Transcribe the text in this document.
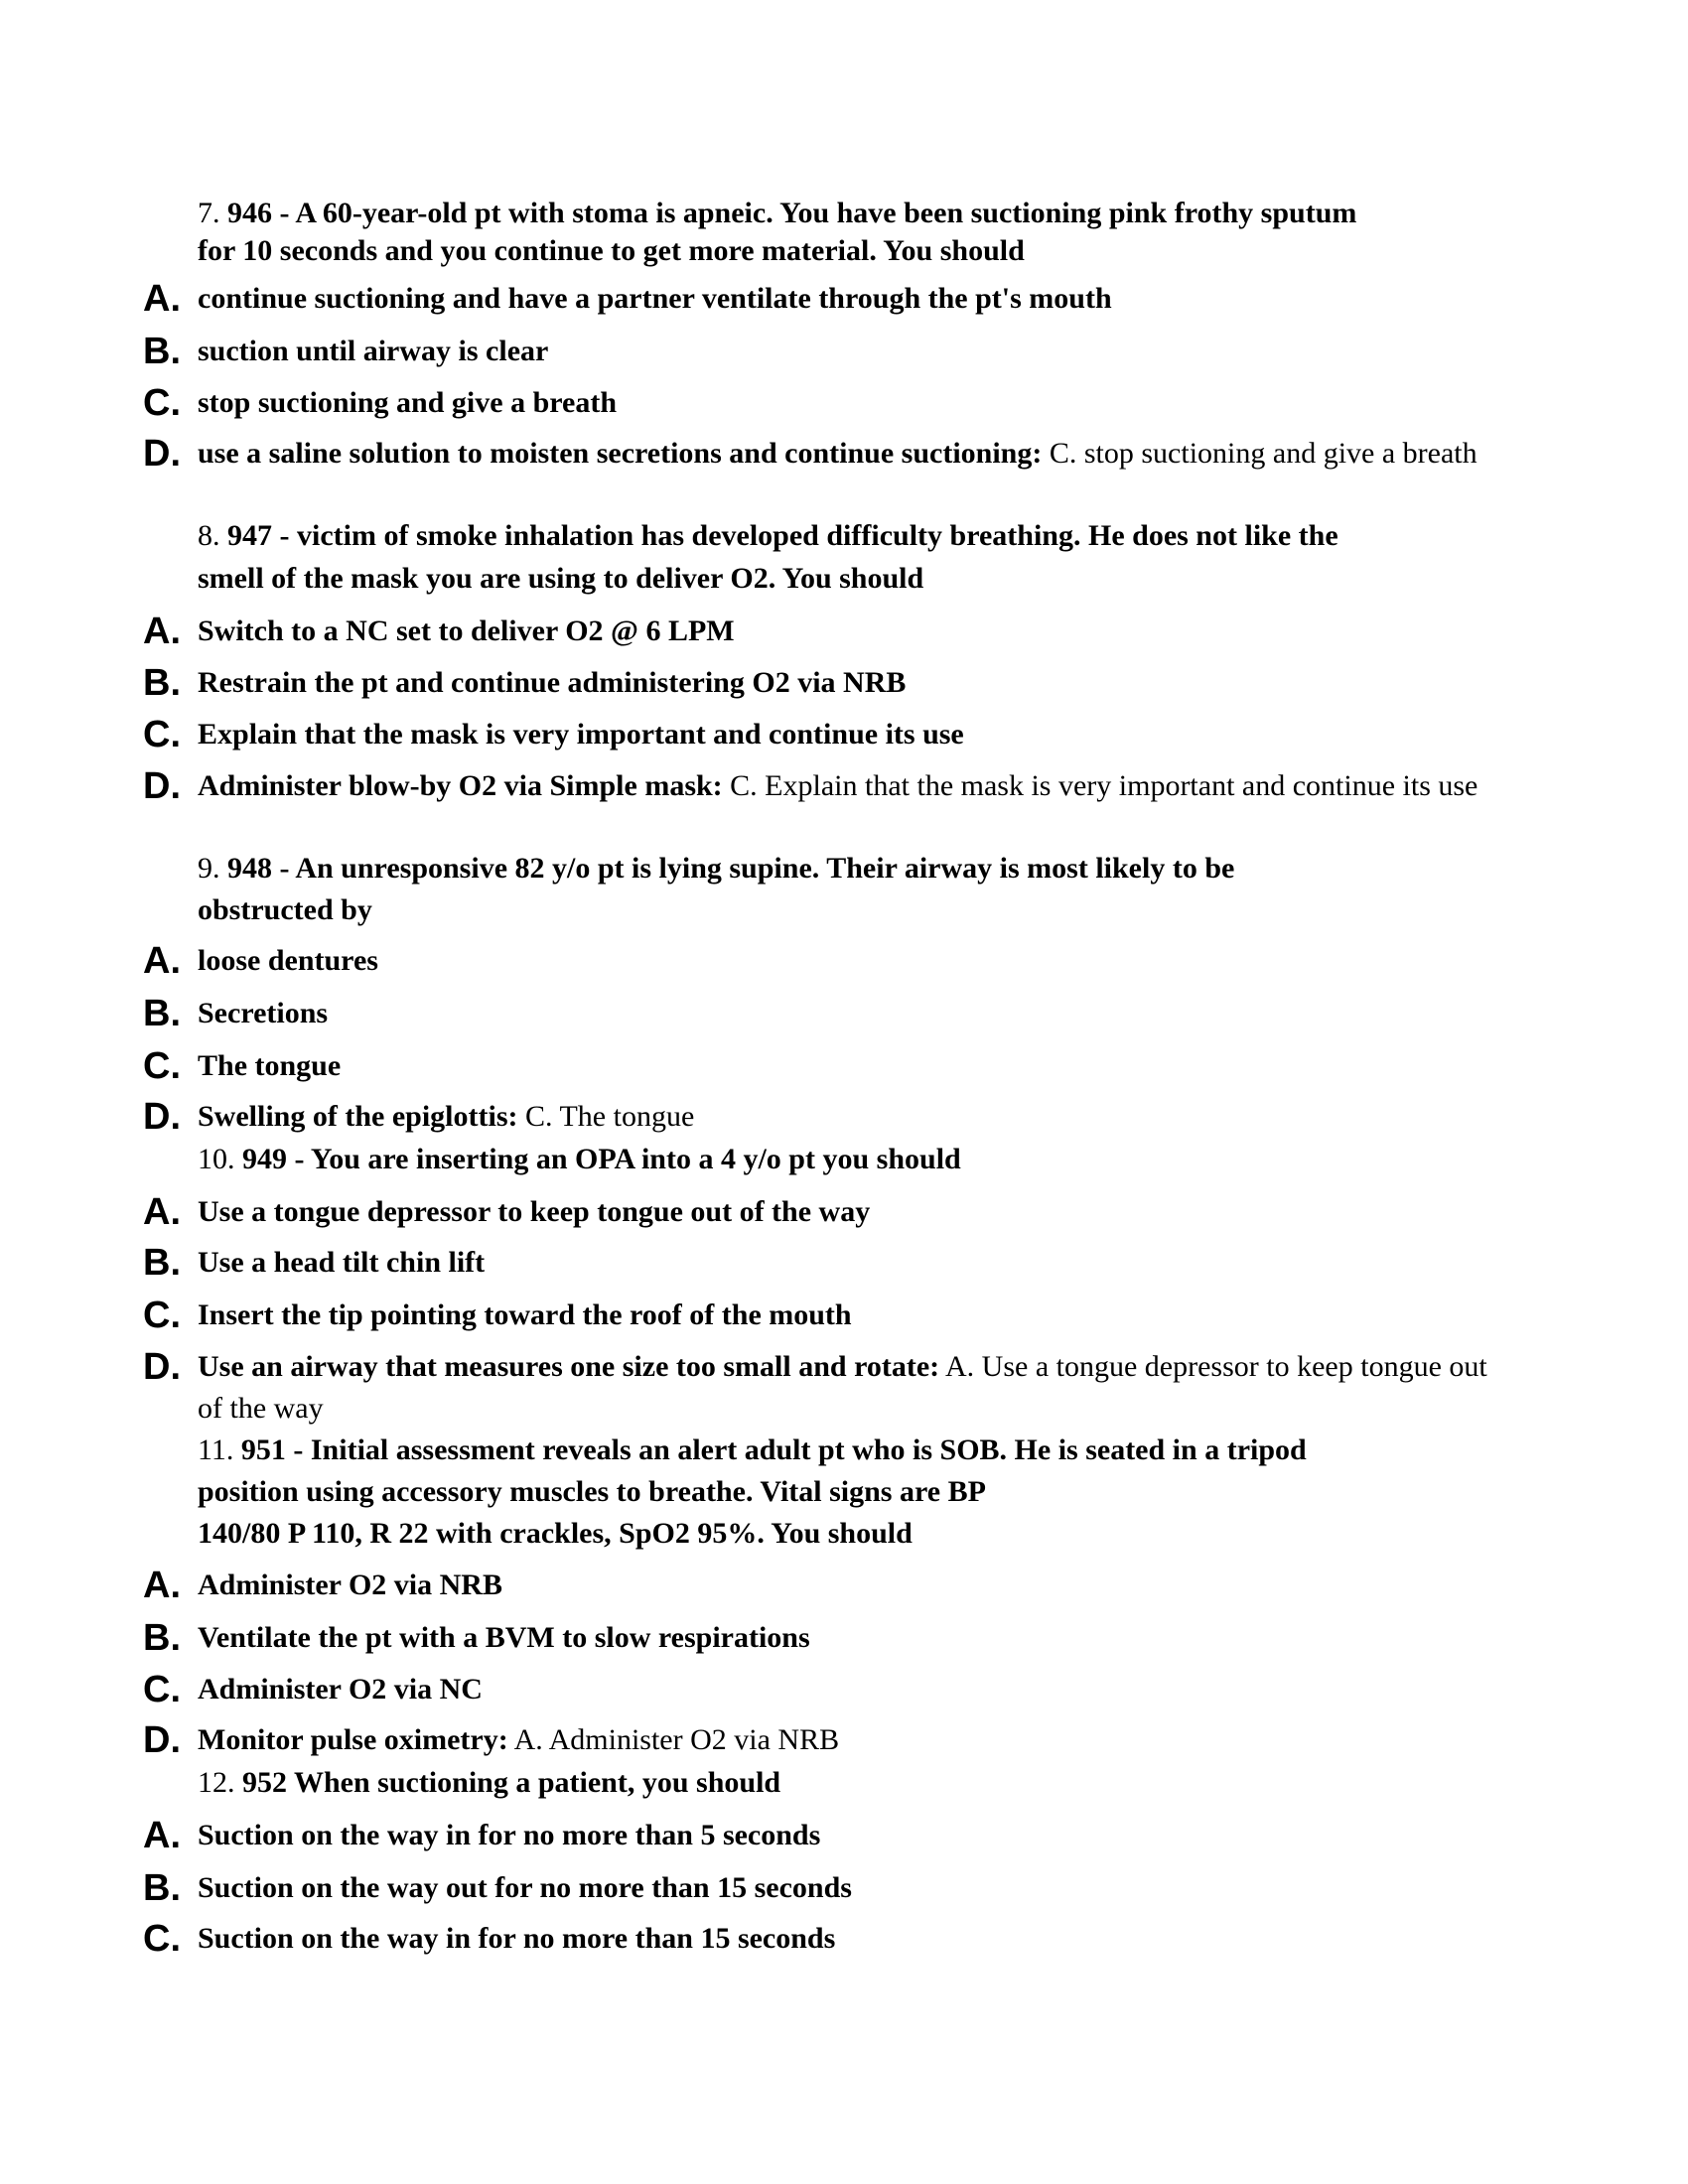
7. 946 - A 60-year-old pt with stoma is apneic. You have been suctioning pink frothy sputum
for 10 seconds and you continue to get more material. You should
A. continue suctioning and have a partner ventilate through the pt's mouth
B. suction until airway is clear
C. stop suctioning and give a breath
D. use a saline solution to moisten secretions and continue suctioning: C. stop suctioning and give a breath
8. 947 - victim of smoke inhalation has developed difficulty breathing. He does not like the
smell of the mask you are using to deliver O2. You should
A. Switch to a NC set to deliver O2 @ 6 LPM
B. Restrain the pt and continue administering O2 via NRB
C. Explain that the mask is very important and continue its use
D. Administer blow-by O2 via Simple mask: C. Explain that the mask is very important and continue its use
9. 948 - An unresponsive 82 y/o pt is lying supine. Their airway is most likely to be
obstructed by
A. loose dentures
B. Secretions
C. The tongue
D. Swelling of the epiglottis: C. The tongue
10. 949 - You are inserting an OPA into a 4 y/o pt you should
A. Use a tongue depressor to keep tongue out of the way
B. Use a head tilt chin lift
C. Insert the tip pointing toward the roof of the mouth
D. Use an airway that measures one size too small and rotate: A. Use a tongue depressor to keep tongue out of the way
11. 951 - Initial assessment reveals an alert adult pt who is SOB. He is seated in a tripod
position using accessory muscles to breathe. Vital signs are BP
140/80 P 110, R 22 with crackles, SpO2 95%. You should
A. Administer O2 via NRB
B. Ventilate the pt with a BVM to slow respirations
C. Administer O2 via NC
D. Monitor pulse oximetry: A. Administer O2 via NRB
12. 952 When suctioning a patient, you should
A. Suction on the way in for no more than 5 seconds
B. Suction on the way out for no more than 15 seconds
C. Suction on the way in for no more than 15 seconds
